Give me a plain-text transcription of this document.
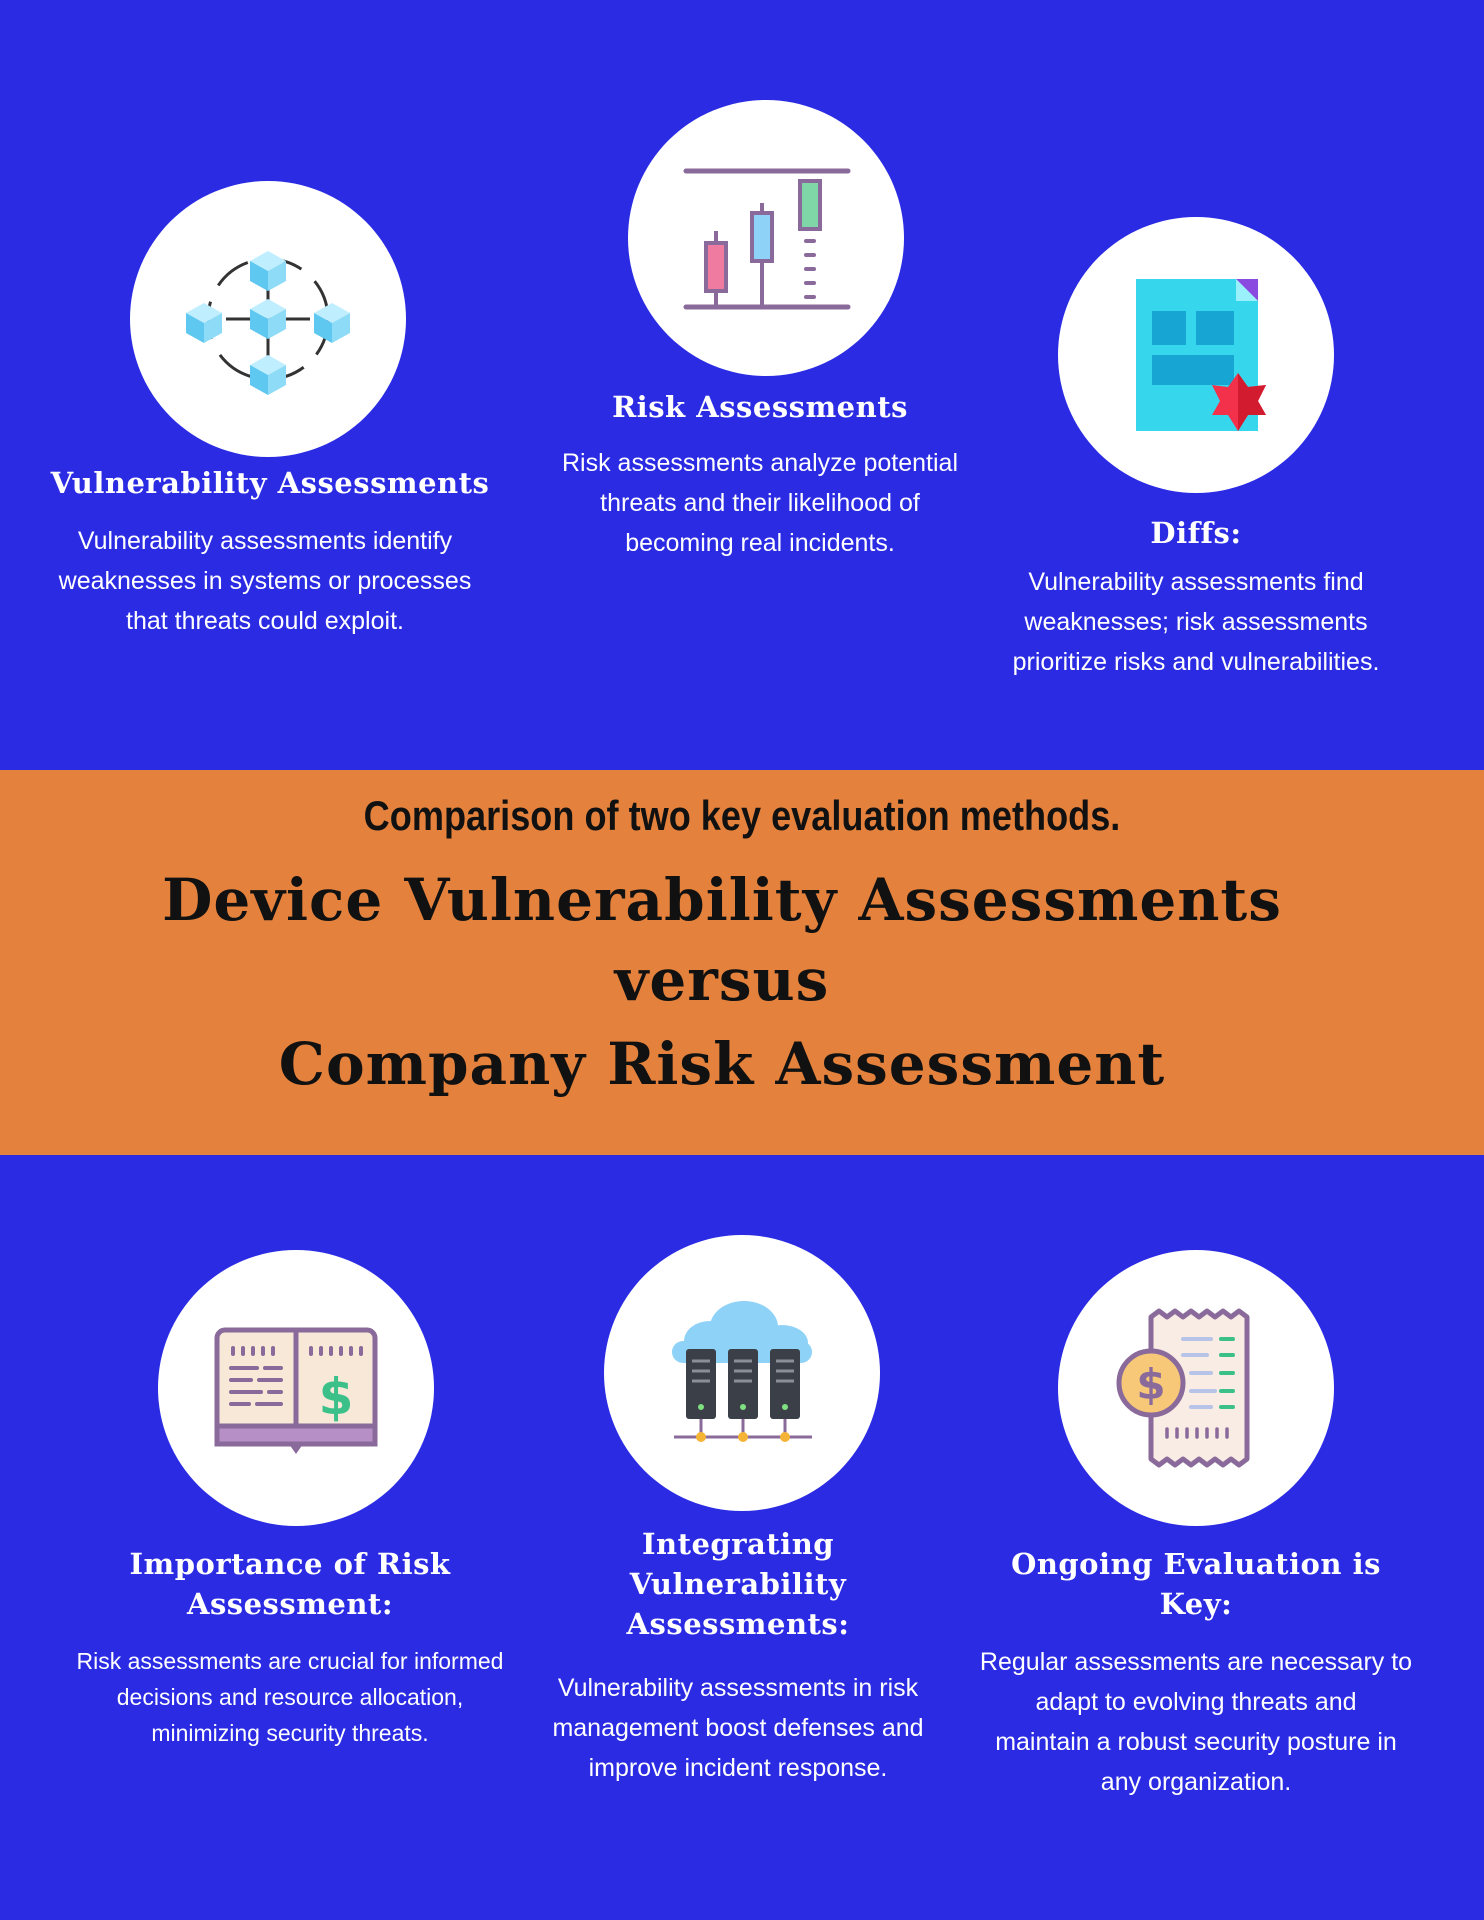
Vulnerability Assessments
Vulnerability assessments identify
weaknesses in systems or processes
that threats could exploit.
Risk Assessments
Risk assessments analyze potential
threats and their likelihood of
becoming real incidents.	Diffs:
Vulnerability assessments find
weaknesses; risk assessments
prioritize risks and vulnerabilities.
Comparison of two key evaluation methods.
Device Vulnerability Assessments
versus
Company Risk Assessment
$
Importance of Risk
Assessment:
Risk assessments are crucial for informed
decisions and resource allocation,
minimizing security threats.
Integrating
Vulnerability
Assessments:
Vulnerability assessments in risk
management boost defenses and
improve incident response.
$
Ongoing Evaluation is
Key:
Regular assessments are necessary to
adapt to evolving threats and
maintain a robust security posture in
any organization.
